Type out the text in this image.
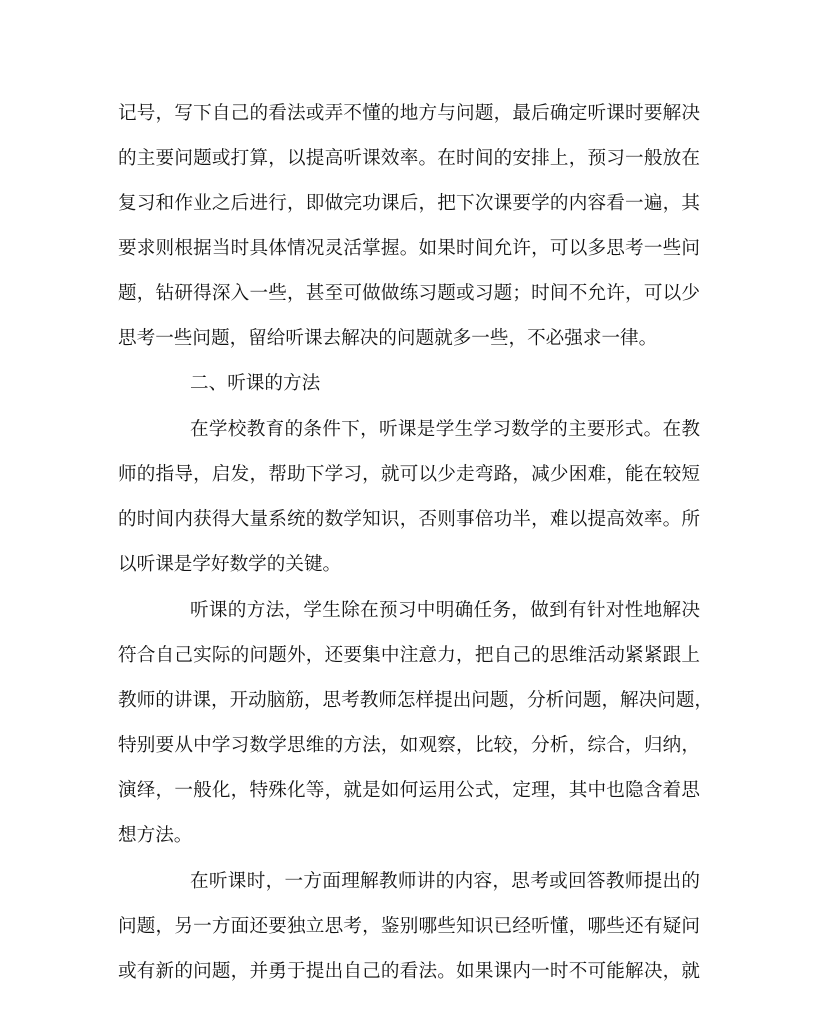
记号，写下自己的看法或弄不懂的地方与问题，最后确定听课时要解决
的主要问题或打算，以提高听课效率。在时间的安排上，预习一般放在
复习和作业之后进行，即做完功课后，把下次课要学的内容看一遍，其
要求则根据当时具体情况灵活掌握。如果时间允许，可以多思考一些问
题，钻研得深入一些，甚至可做做练习题或习题；时间不允许，可以少
思考一些问题，留给听课去解决的问题就多一些，不必强求一律。
二、听课的方法
在学校教育的条件下，听课是学生学习数学的主要形式。在教
师的指导，启发，帮助下学习，就可以少走弯路，减少困难，能在较短
的时间内获得大量系统的数学知识，否则事倍功半，难以提高效率。所
以听课是学好数学的关键。
听课的方法，学生除在预习中明确任务，做到有针对性地解决
符合自己实际的问题外，还要集中注意力，把自己的思维活动紧紧跟上
教师的讲课，开动脑筋，思考教师怎样提出问题，分析问题，解决问题，
特别要从中学习数学思维的方法，如观察，比较，分析，综合，归纳，
演绎，一般化，特殊化等，就是如何运用公式，定理，其中也隐含着思
想方法。
在听课时，一方面理解教师讲的内容，思考或回答教师提出的
问题，另一方面还要独立思考，鉴别哪些知识已经听懂，哪些还有疑问
或有新的问题，并勇于提出自己的看法。如果课内一时不可能解决，就
